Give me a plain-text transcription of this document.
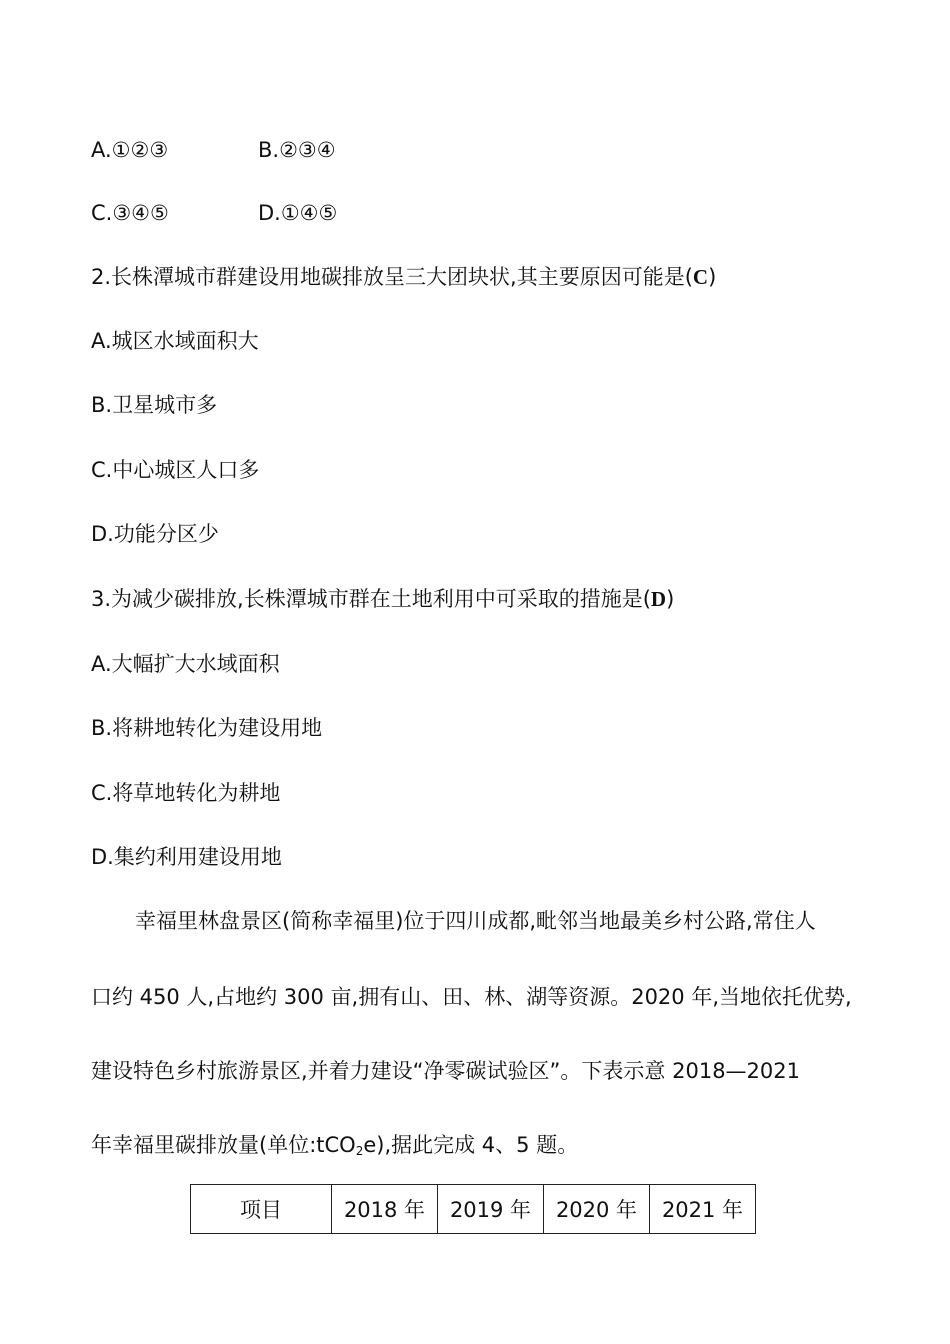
A.①②③	B.②③④
C.③④⑤	D.①④⑤
2.长株潭城市群建设用地碳排放呈三大团块状,其主要原因可能是(C)
A.城区水域面积大
B.卫星城市多
C.中心城区人口多
D.功能分区少
3.为减少碳排放,长株潭城市群在土地利用中可采取的措施是(D)
A.大幅扩大水域面积
B.将耕地转化为建设用地
C.将草地转化为耕地
D.集约利用建设用地
幸福里林盘景区(简称幸福里)位于四川成都,毗邻当地最美乡村公路,常住人
口约 450 人,占地约 300 亩,拥有山、田、林、湖等资源。2020 年,当地依托优势,
建设特色乡村旅游景区,并着力建设“净零碳试验区”。下表示意 2018—2021
年幸福里碳排放量(单位:tCO$_2$e),据此完成 4、5 题。
项目	2018 年	2019 年	2020 年	2021 年
